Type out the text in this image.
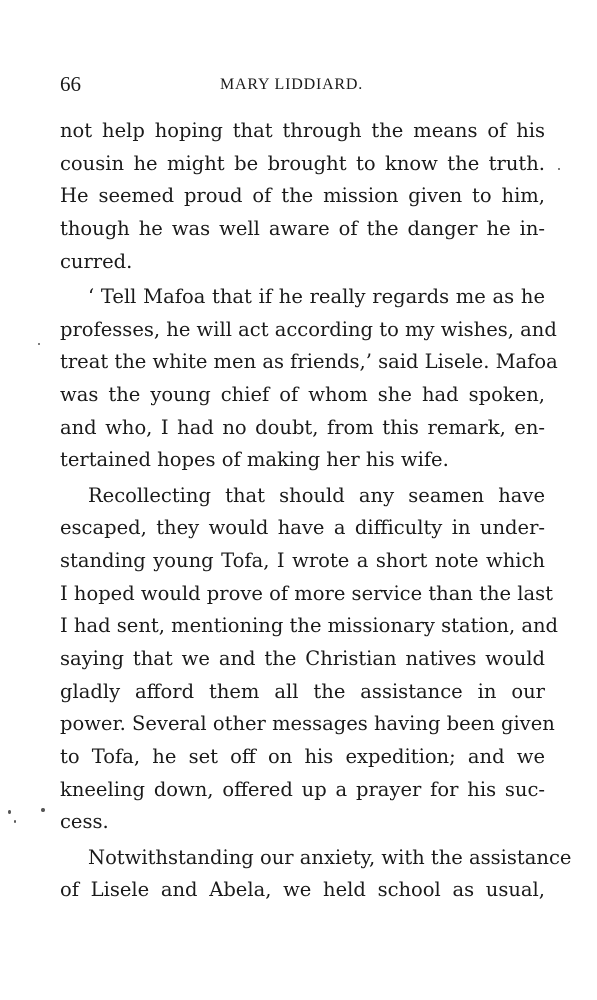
66	MARY LIDDIARD.
not help hoping that through the means of his
cousin he might be brought to know the truth.
He seemed proud of the mission given to him,
though he was well aware of the danger he in-
curred.
‘ Tell Mafoa that if he really regards me as he
professes, he will act according to my wishes, and
treat the white men as friends,’ said Lisele. Mafoa
was the young chief of whom she had spoken,
and who, I had no doubt, from this remark, en-
tertained hopes of making her his wife.
Recollecting that should any seamen have
escaped, they would have a difficulty in under-
standing young Tofa, I wrote a short note which
I hoped would prove of more service than the last
I had sent, mentioning the missionary station, and
saying that we and the Christian natives would
gladly afford them all the assistance in our
power. Several other messages having been given
to Tofa, he set off on his expedition; and we
kneeling down, offered up a prayer for his suc-
cess.
Notwithstanding our anxiety, with the assistance
of Lisele and Abela, we held school as usual,
